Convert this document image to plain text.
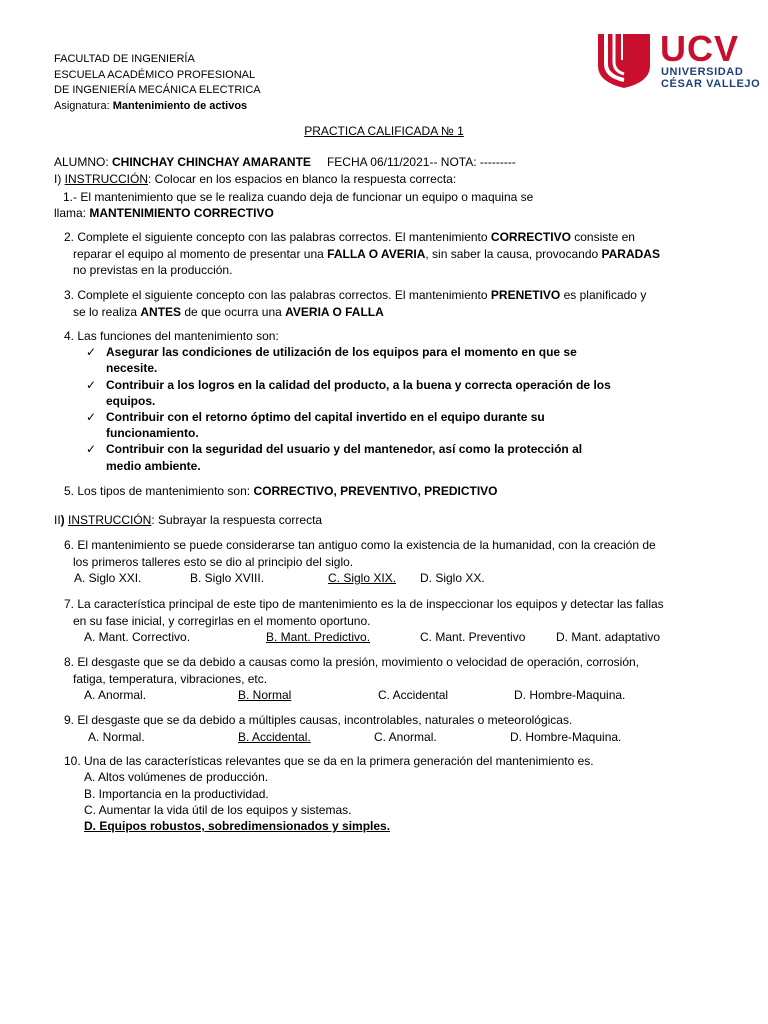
FACULTAD DE INGENIERÍA
ESCUELA ACADÉMICO PROFESIONAL
DE INGENIERÍA MECÁNICA ELECTRICA
Asignatura: Mantenimiento de activos
UCV
UNIVERSIDAD
CÉSAR VALLEJO
PRACTICA CALIFICADA № 1
ALUMNO: CHINCHAY CHINCHAY AMARANTE FECHA 06/11/2021-- NOTA: ---------
I) INSTRUCCIÓN: Colocar en los espacios en blanco la respuesta correcta:
1.- El mantenimiento que se le realiza cuando deja de funcionar un equipo o maquina se
llama: MANTENIMIENTO CORRECTIVO
2. Complete el siguiente concepto con las palabras correctos. El mantenimiento CORRECTIVO consiste en
reparar el equipo al momento de presentar una FALLA O AVERIA, sin saber la causa, provocando PARADAS
no previstas en la producción.
3. Complete el siguiente concepto con las palabras correctos. El mantenimiento PRENETIVO es planificado y
se lo realiza ANTES de que ocurra una AVERIA O FALLA
4. Las funciones del mantenimiento son:
✓ Asegurar las condiciones de utilización de los equipos para el momento en que se
necesite.
✓ Contribuir a los logros en la calidad del producto, a la buena y correcta operación de los
equipos.
✓ Contribuir con el retorno óptimo del capital invertido en el equipo durante su
funcionamiento.
✓ Contribuir con la seguridad del usuario y del mantenedor, así como la protección al
medio ambiente.
5. Los tipos de mantenimiento son: CORRECTIVO, PREVENTIVO, PREDICTIVO
II) INSTRUCCIÓN: Subrayar la respuesta correcta
6. El mantenimiento se puede considerarse tan antiguo como la existencia de la humanidad, con la creación de
los primeros talleres esto se dio al principio del siglo.
A. Siglo XXI.	B. Siglo XVIII.	C. Siglo XIX.	D. Siglo XX.
7. La característica principal de este tipo de mantenimiento es la de inspeccionar los equipos y detectar las fallas
en su fase inicial, y corregirlas en el momento oportuno.
A. Mant. Correctivo.	B. Mant. Predictivo.	C. Mant. Preventivo	D. Mant. adaptativo
8. El desgaste que se da debido a causas como la presión, movimiento o velocidad de operación, corrosión,
fatiga, temperatura, vibraciones, etc.
A. Anormal.	B. Normal	C. Accidental	D. Hombre-Maquina.
9. El desgaste que se da debido a múltiples causas, incontrolables, naturales o meteorológicas.
A. Normal.	B. Accidental.	C. Anormal.	D. Hombre-Maquina.
10. Una de las características relevantes que se da en la primera generación del mantenimiento es.
A. Altos volúmenes de producción.
B. Importancia en la productividad.
C. Aumentar la vida útil de los equipos y sistemas.
D. Equipos robustos, sobredimensionados y simples.
